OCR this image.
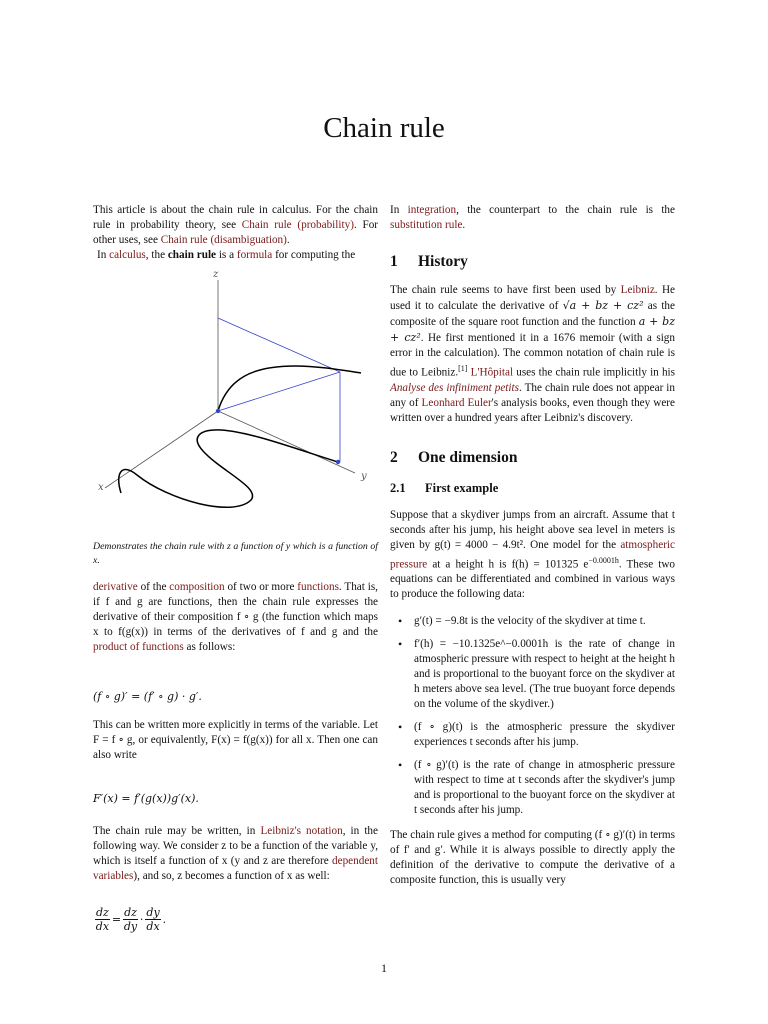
Chain rule

This article is about the chain rule in calculus. For the chain rule in probability theory, see Chain rule (probability). For other uses, see Chain rule (disambiguation).

In calculus, the chain rule is a formula for computing the

z
x
y

Demonstrates the chain rule with z a function of y which is a function of x.

derivative of the composition of two or more functions. That is, if f and g are functions, then the chain rule expresses the derivative of their composition f ∘ g (the function which maps x to f(g(x)) in terms of the derivatives of f and g and the product of functions as follows:

(f ∘ g)′ = (f′ ∘ g) · g′.

This can be written more explicitly in terms of the variable. Let F = f ∘ g, or equivalently, F(x) = f(g(x)) for all x. Then one can also write

F′(x) = f′(g(x))g′(x).

The chain rule may be written, in Leibniz's notation, in the following way. We consider z to be a function of the variable y, which is itself a function of x (y and z are therefore dependent variables), and so, z becomes a function of x as well:

$\frac{dz}{dx} = \frac{dz}{dy} \cdot \frac{dy}{dx}$ .

In integration, the counterpart to the chain rule is the substitution rule.

1	History

The chain rule seems to have first been used by Leibniz. He used it to calculate the derivative of √a + bz + cz² as the composite of the square root function and the function a + bz + cz². He first mentioned it in a 1676 memoir (with a sign error in the calculation). The common notation of chain rule is due to Leibniz.[1] L'Hôpital uses the chain rule implicitly in his Analyse des infiniment petits. The chain rule does not appear in any of Leonhard Euler's analysis books, even though they were written over a hundred years after Leibniz's discovery.

2	One dimension
2.1	First example

Suppose that a skydiver jumps from an aircraft. Assume that t seconds after his jump, his height above sea level in meters is given by g(t) = 4000 − 4.9t². One model for the atmospheric pressure at a height h is f(h) = 101325 $e^{-0.0001h}$. These two equations can be differentiated and combined in various ways to produce the following data:

• g′(t) = −9.8t is the velocity of the skydiver at time t.
• f′(h) = −10.1325e^−0.0001h is the rate of change in atmospheric pressure with respect to height at the height h and is proportional to the buoyant force on the skydiver at h meters above sea level. (The true buoyant force depends on the volume of the skydiver.)
• (f ∘ g)(t) is the atmospheric pressure the skydiver experiences t seconds after his jump.
• (f ∘ g)′(t) is the rate of change in atmospheric pressure with respect to time at t seconds after the skydiver's jump and is proportional to the buoyant force on the skydiver at t seconds after his jump.

The chain rule gives a method for computing (f ∘ g)′(t) in terms of f′ and g′. While it is always possible to directly apply the definition of the derivative to compute the derivative of a composite function, this is usually very

1
